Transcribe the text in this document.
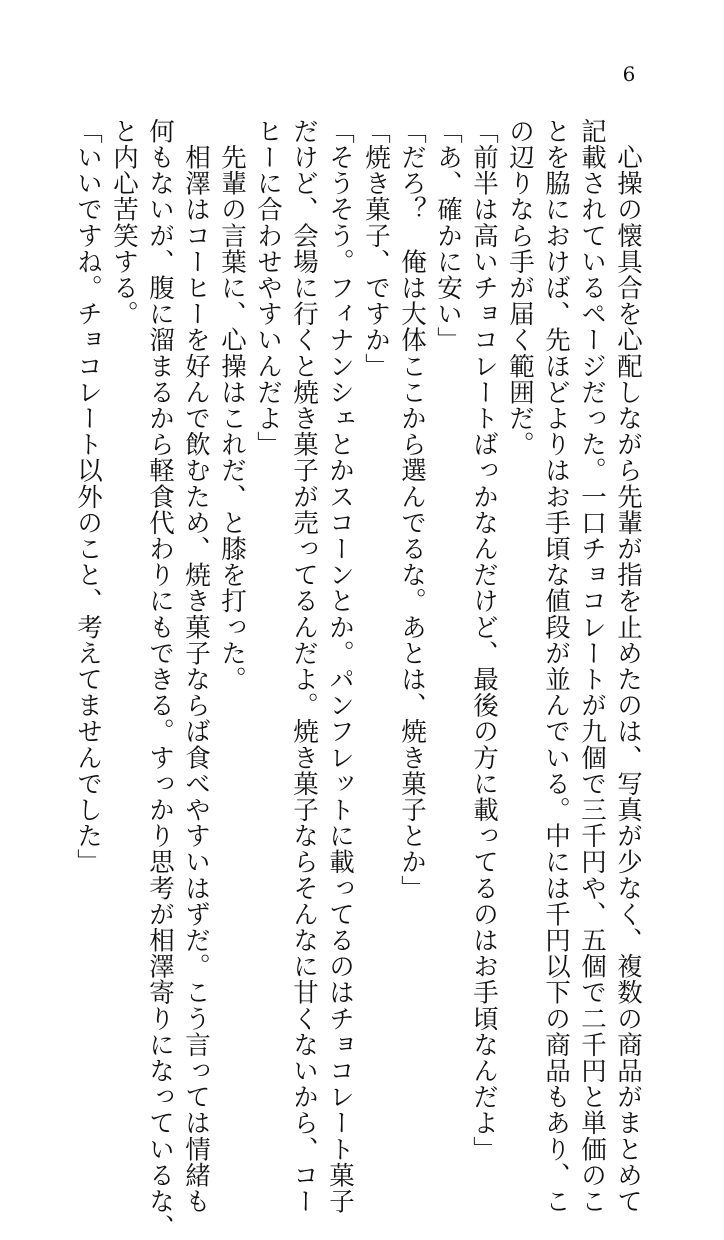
6
　心操の懐具合を心配しながら先輩が指を止めたのは、写真が少なく、複数の商品がまとめて
記載されているページだった。一口チョコレートが九個で三千円や、五個で二千円と単価のこ
とを脇におけば、先ほどよりはお手頃な値段が並んでいる。中には千円以下の商品もあり、こ
の辺りなら手が届く範囲だ。
「前半は高いチョコレートばっかなんだけど、最後の方に載ってるのはお手頃なんだよ」
「あ、確かに安い」
「だろ？　俺は大体ここから選んでるな。あとは、焼き菓子とか」
「焼き菓子、ですか」
「そうそう。フィナンシェとかスコーンとか。パンフレットに載ってるのはチョコレート菓子
だけど、会場に行くと焼き菓子が売ってるんだよ。焼き菓子ならそんなに甘くないから、コー
ヒーに合わせやすいんだよ」
　先輩の言葉に、心操はこれだ、と膝を打った。
　相澤はコーヒーを好んで飲むため、焼き菓子ならば食べやすいはずだ。こう言っては情緒も
何もないが、腹に溜まるから軽食代わりにもできる。すっかり思考が相澤寄りになっているな、
と内心苦笑する。
「いいですね。チョコレート以外のこと、考えてませんでした」
